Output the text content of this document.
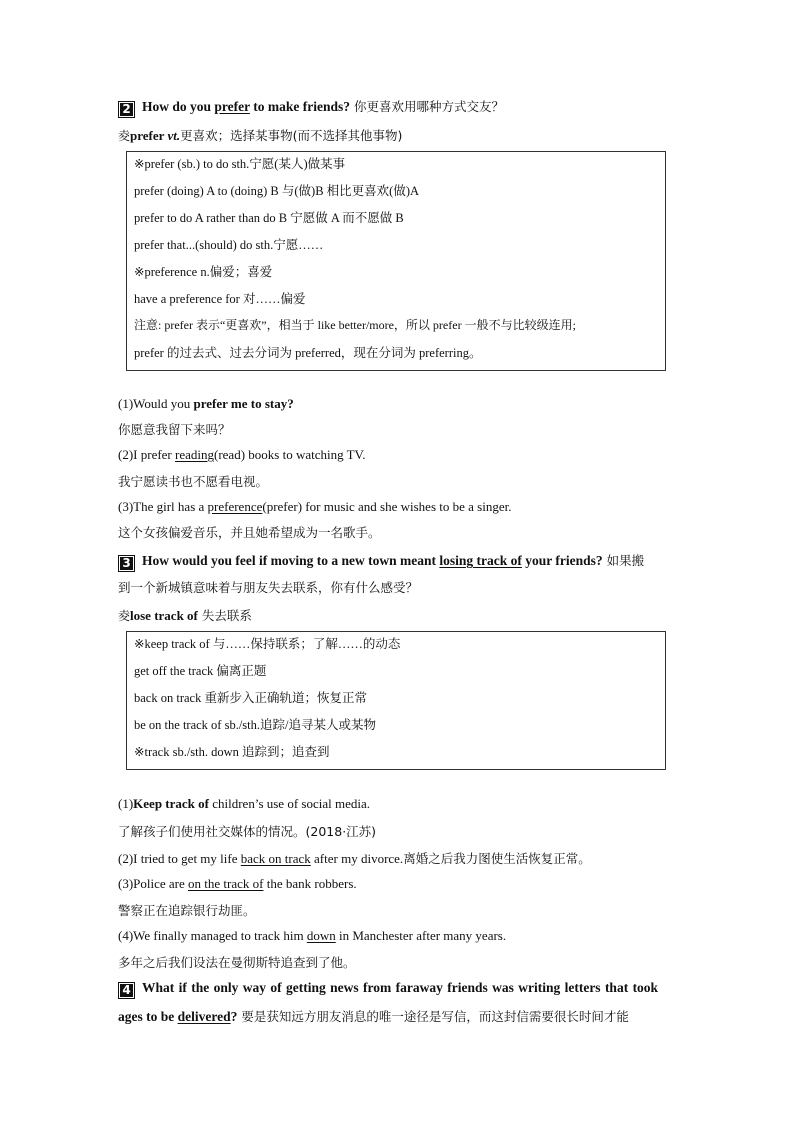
2 How do you prefer to make friends? 你更喜欢用哪种方式交友？
夌prefer vt.更喜欢；选择某事物(而不选择其他事物)
※prefer (sb.) to do sth.宁愿(某人)做某事
prefer (doing) A to (doing) B 与(做)B 相比更喜欢(做)A
prefer to do A rather than do B 宁愿做 A 而不愿做 B
prefer that...(should) do sth.宁愿……
※preference n.偏爱；喜爱
have a preference for 对……偏爱
注意: prefer 表示“更喜欢”，相当于 like better/more，所以 prefer 一般不与比较级连用;
prefer 的过去式、过去分词为 preferred，现在分词为 preferring。
(1)Would you prefer me to stay?
你愿意我留下来吗？
(2)I prefer reading(read) books to watching TV.
我宁愿读书也不愿看电视。
(3)The girl has a preference(prefer) for music and she wishes to be a singer.
这个女孩偏爱音乐，并且她希望成为一名歌手。
3 How would you feel if moving to a new town meant losing track of your friends? 如果搬
到一个新城镇意味着与朋友失去联系，你有什么感受？
夌lose track of 失去联系
※keep track of 与……保持联系；了解……的动态
get off the track 偏离正题
back on track 重新步入正确轨道；恢复正常
be on the track of sb./sth.追踪/追寻某人或某物
※track sb./sth. down 追踪到；追查到
(1)Keep track of children’s use of social media.
了解孩子们使用社交媒体的情况。(2018·江苏)
(2)I tried to get my life back on track after my divorce.离婚之后我力图使生活恢复正常。
(3)Police are on the track of the bank robbers.
警察正在追踪银行劫匪。
(4)We finally managed to track him down in Manchester after many years.
多年之后我们设法在曼彻斯特追查到了他。
4 What if the only way of getting news from faraway friends was writing letters that took
ages to be delivered? 要是获知远方朋友消息的唯一途径是写信，而这封信需要很长时间才能
